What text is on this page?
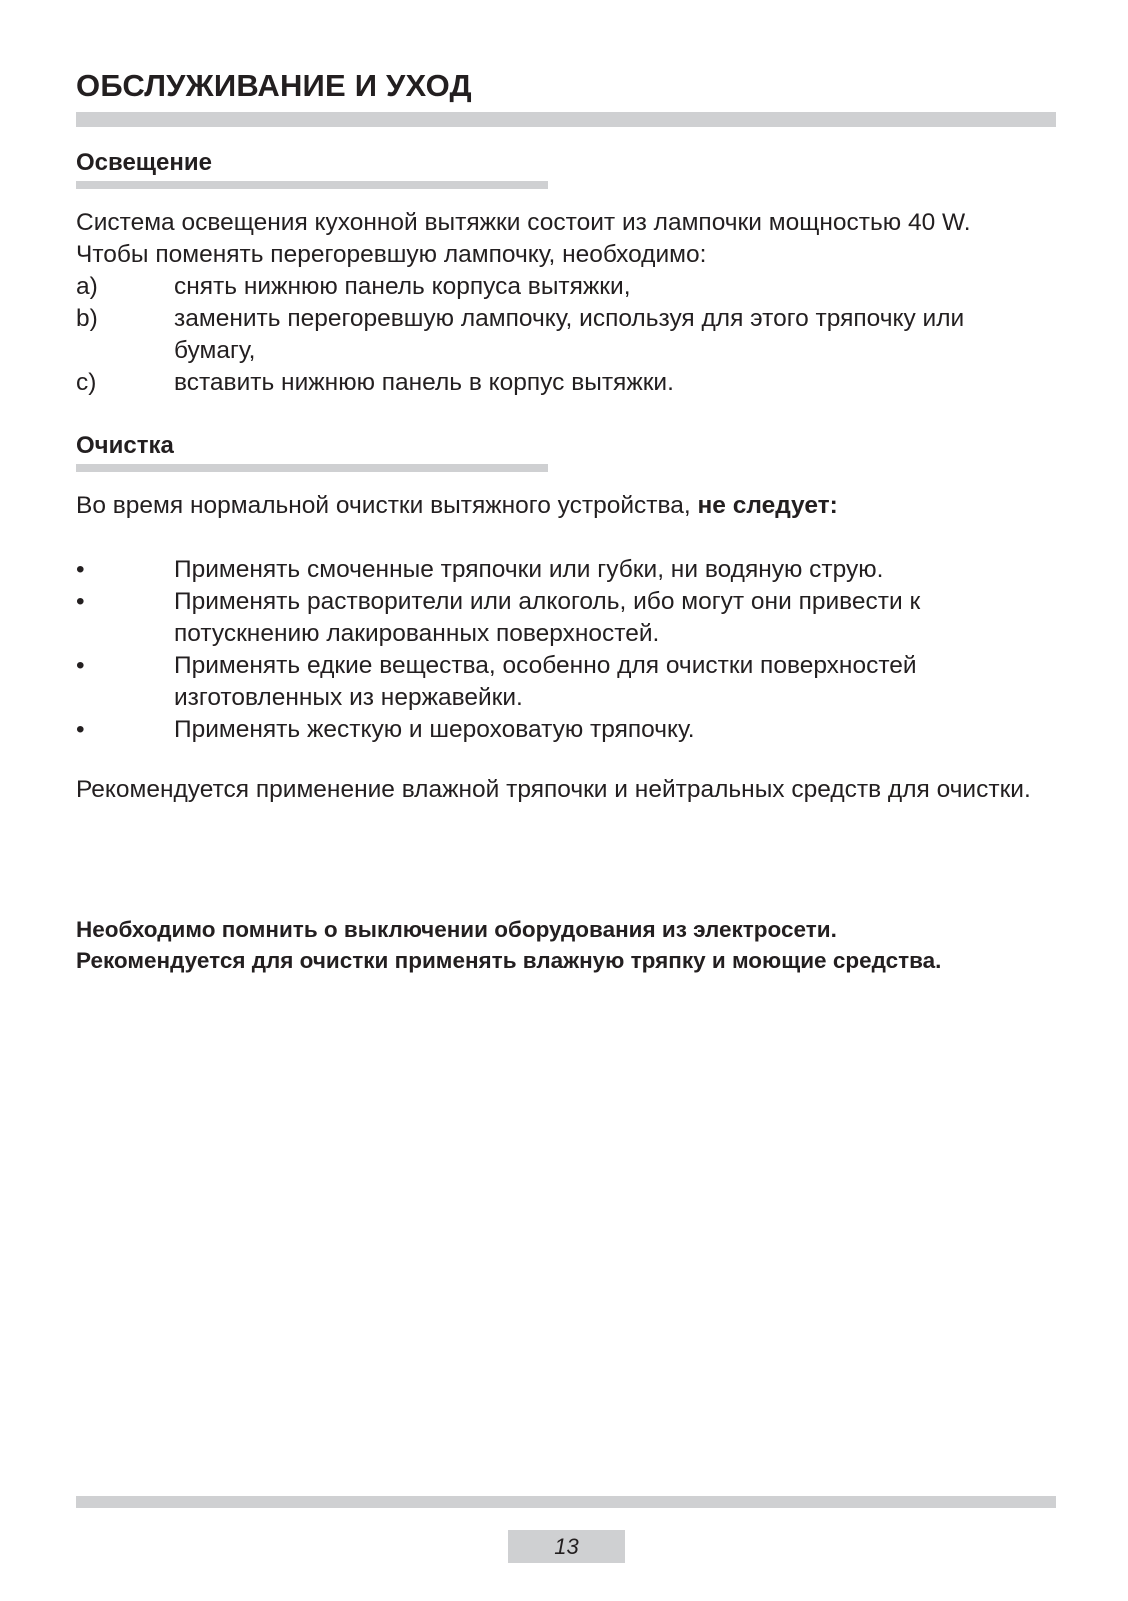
ОБСЛУЖИВАНИЕ И УХОД
Освещение

Система освещения кухонной вытяжки состоит из лампочки мощностью 40 W. Чтобы поменять перегоревшую лампочку, необходимо:

a)	снять нижнюю панель корпуса вытяжки,
b)	заменить перегоревшую лампочку, используя для этого тряпочку или бумагу,
c)	вставить нижнюю панель в корпус вытяжки.
Очистка

Во время нормальной очистки вытяжного устройства, не следует:

•	Применять смоченные тряпочки или губки, ни водяную струю.
•	Применять растворители или алкоголь, ибо могут они привести к потускнению лакированных поверхностей.
•	Применять едкие вещества, особенно для очистки поверхностей изготовленных из нержавейки.
•	Применять жесткую и шероховатую тряпочку.

Рекомендуется применение влажной тряпочки и нейтральных средств для очистки.

Необходимо помнить о выключении оборудования из электросети.
Рекомендуется для очистки применять влажную тряпку и моющие средства.
13
